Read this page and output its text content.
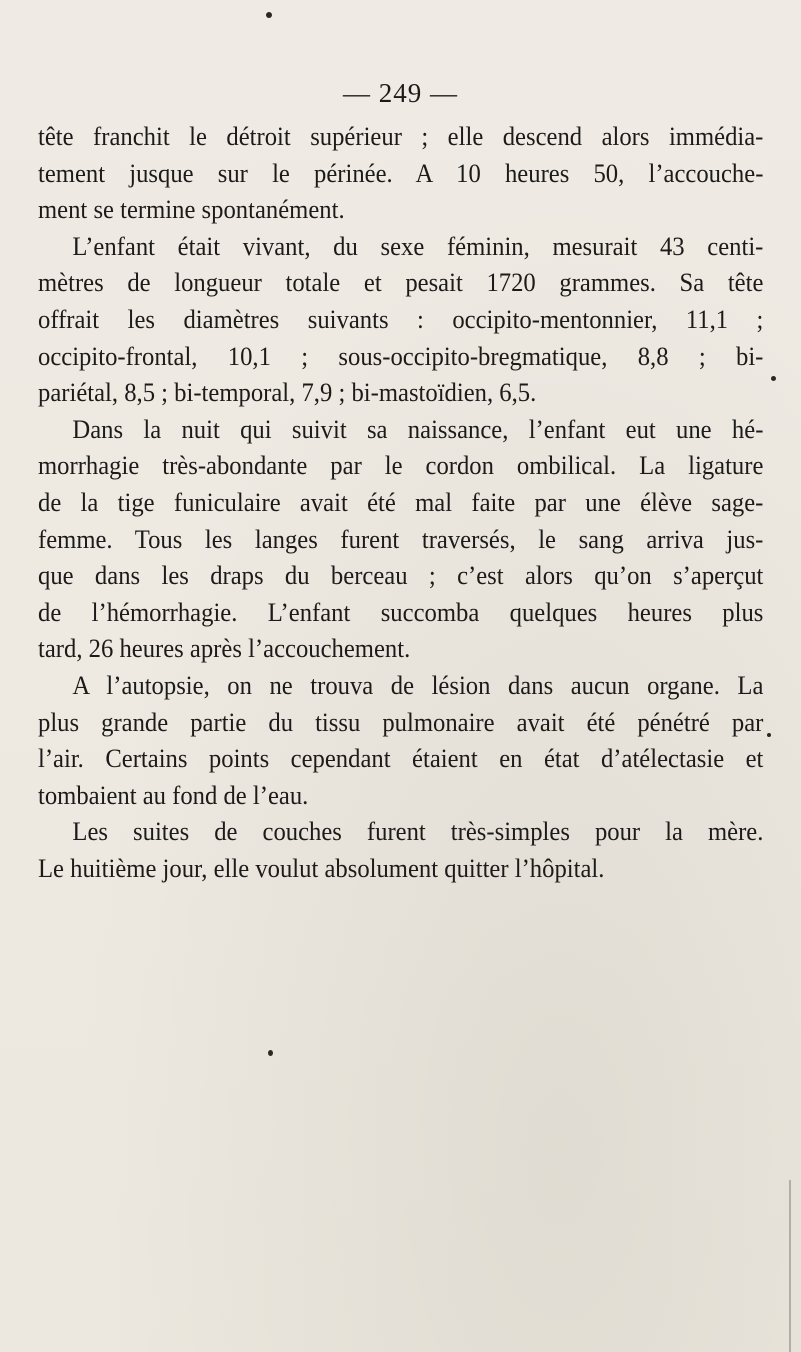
— 249 —

tête franchit le détroit supérieur ; elle descend alors immédia-
tement jusque sur le périnée. A 10 heures 50, l’accouche-
ment se termine spontanément.

L’enfant était vivant, du sexe féminin, mesurait 43 centi-
mètres de longueur totale et pesait 1720 grammes. Sa tête
offrait les diamètres suivants : occipito-mentonnier, 11,1 ;
occipito-frontal, 10,1 ; sous-occipito-bregmatique, 8,8 ; bi-
pariétal, 8,5 ; bi-temporal, 7,9 ; bi-mastoïdien, 6,5.

Dans la nuit qui suivit sa naissance, l’enfant eut une hé-
morrhagie très-abondante par le cordon ombilical. La ligature
de la tige funiculaire avait été mal faite par une élève sage-
femme. Tous les langes furent traversés, le sang arriva jus-
que dans les draps du berceau ; c’est alors qu’on s’aperçut
de l’hémorrhagie. L’enfant succomba quelques heures plus
tard, 26 heures après l’accouchement.

A l’autopsie, on ne trouva de lésion dans aucun organe. La
plus grande partie du tissu pulmonaire avait été pénétré par
l’air. Certains points cependant étaient en état d’atélectasie et
tombaient au fond de l’eau.

Les suites de couches furent très-simples pour la mère.
Le huitième jour, elle voulut absolument quitter l’hôpital.
